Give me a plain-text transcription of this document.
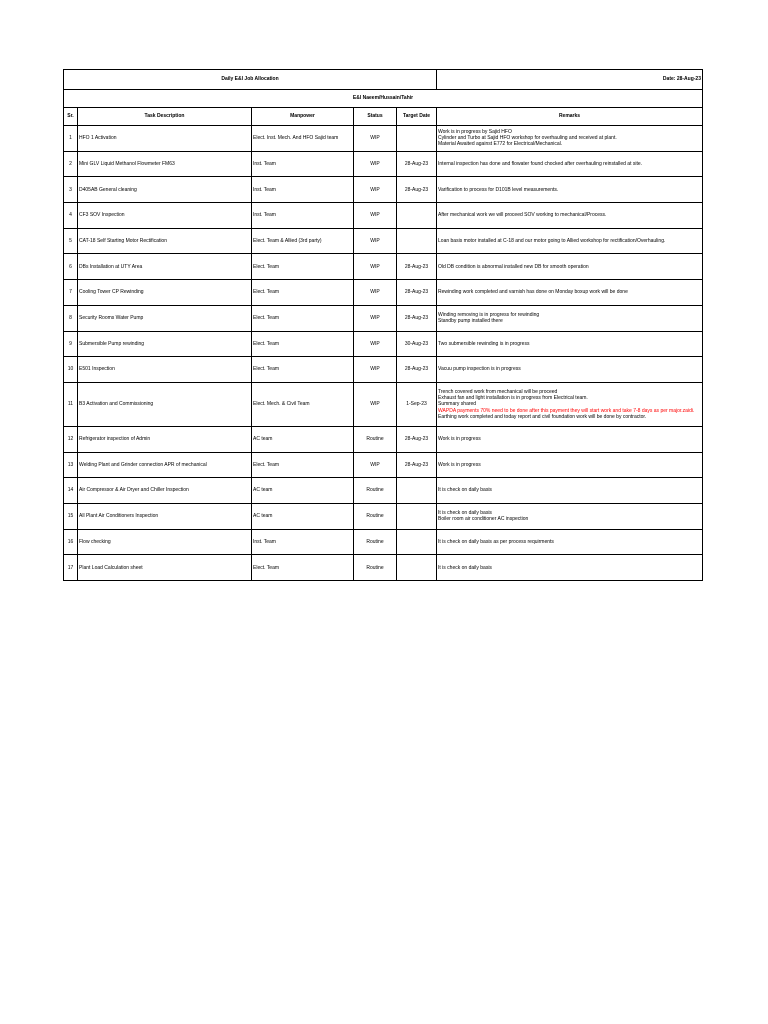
Daily E&I Job Allocation					Date: 28-Aug-23
E&I Naeem/Hussain/Tahir					
Sr.	Task Description	Manpower	Status	Target Date	Remarks
1	HFO 1 Activation	Elect. Inst. Mech. And HFO Sajid team	WIP		Work is in progress by Sajid HFO
Cylinder and Turbo at Sajid HFO workshop for overhauling and received at plant.
Material Awaited against E772 for Electrical/Mechanical.

2	Mini GLV Liquid Methanol Flowmeter FM63	Inst. Team	WIP	28-Aug-23	Internal inspection has done and flowater found chocked after overhauling reinstalled at site.

3	D405AB General cleaning	Inst. Team	WIP	28-Aug-23	Varification to process for D101B level measurements.

4	CF3 SOV Inspection	Inst. Team	WIP		After mechanical work we will proceed SOV working to mechanical/Process.

5	CAT-18 Self Starting Motor Rectification	Elect. Team & Allied (3rd party)	WIP		Loan basis motor installed at C-18 and our motor going to Allied workshop for rectification/Overhauling.

6	DBs Installation at UTY Area	Elect. Team	WIP	28-Aug-23	Old DB condition is abnormal installed new DB for smooth operation

7	Cooling Tower CP Rewinding	Elect. Team	WIP	28-Aug-23	Rewinding work completed and varnish has done on Monday boxup work will be done

8	Security Rooms Water Pump	Elect. Team	WIP	28-Aug-23	Winding removing is in progress for rewinding
Standby pump installed there

9	Submersible Pump rewinding	Elect. Team	WIP	30-Aug-23	Two submersible rewinding is in progress

10	E501 Inspection	Elect. Team	WIP	28-Aug-23	Vacuu pump inspection is in progress

11	B3 Activation and Commissioning	Elect. Mech. & Civil Team	WIP	1-Sep-23	Trench covered work from mechanical will be proceed
Exhaust fan and light installation is in progress from Electrical team.
Summary shared
WAPDA payments 70% need to be done after this payment they will start work and take 7-8 days as per major.zaidi.
Earthing work completed and today report and civil foundation work will be done by contractor.

12	Refrigerator inspection of Admin	AC team	Routine	28-Aug-23	Work is in progress

13	Welding Plant and Grinder connection APR of mechanical	Elect. Team	WIP	28-Aug-23	Work is in progress

14	Air Compressor & Air Dryer and Chiller Inspection	AC team	Routine		It is check on daily basis

15	All Plant Air Conditioners Inspection	AC team	Routine		It is check on daily basis
Boiler room air conditioner AC inspection

16	Flow checking	Inst. Team	Routine		It is check on daily basis as per process requirments

17	Plant Load Calculation sheet	Elect. Team	Routine		It is check on daily basis
